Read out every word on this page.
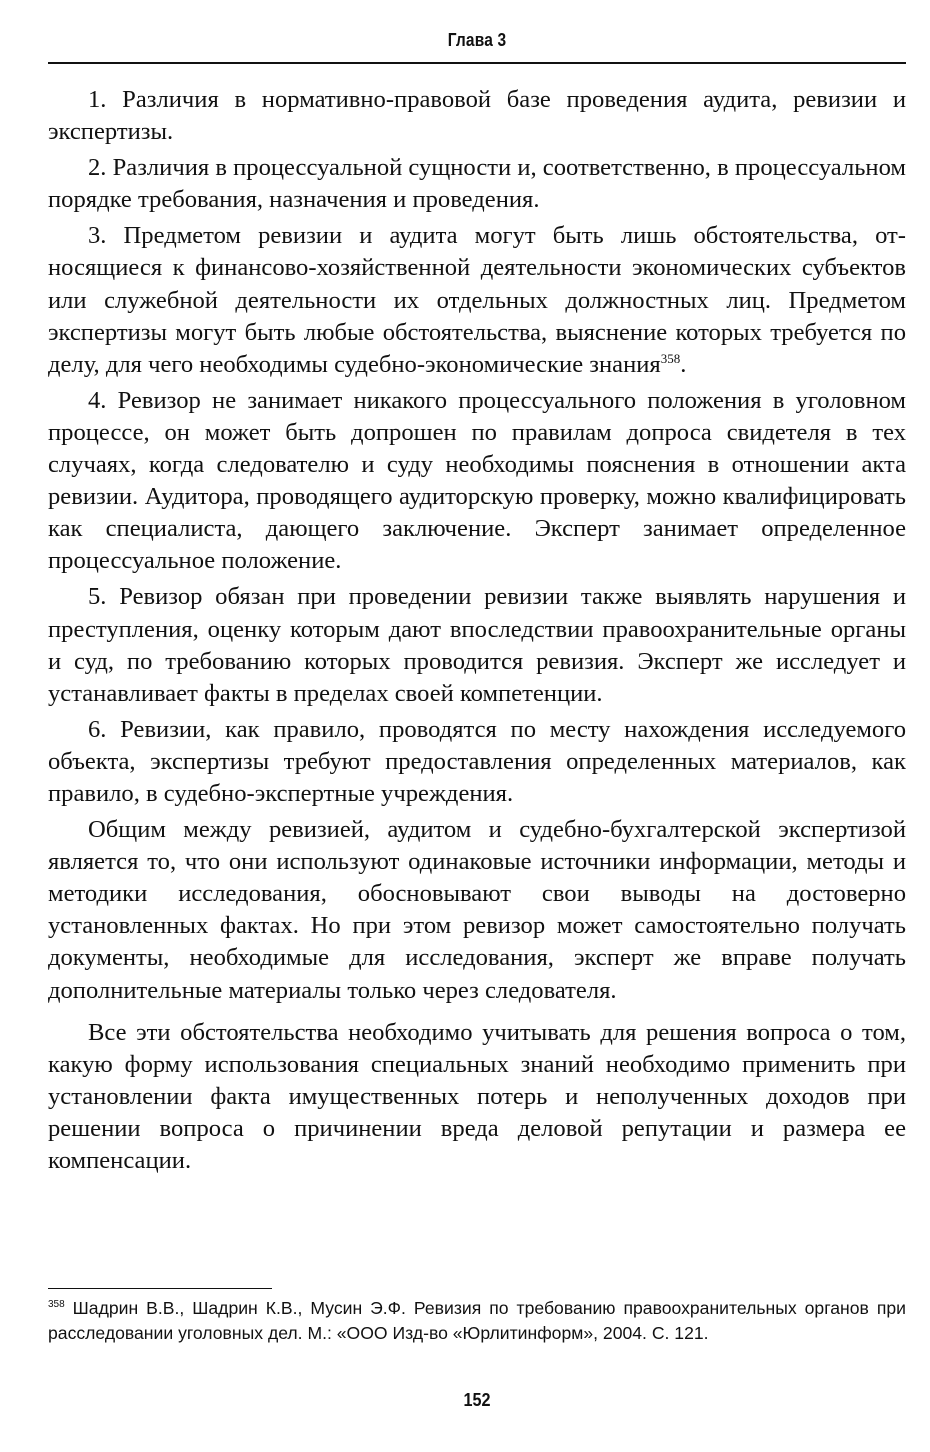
Глава 3

1. Различия в нормативно-правовой базе проведения аудита, ревизии и экспертизы.

2. Различия в процессуальной сущности и, соответственно, в процессуальном порядке требования, назначения и проведения.

3. Предметом ревизии и аудита могут быть лишь обстоятельства, относящиеся к финансово-хозяйственной деятельности экономических субъектов или служебной деятельности их отдельных должностных лиц. Предметом экспертизы могут быть любые обстоятельства, выяснение которых требуется по делу, для чего необходимы судебно-экономические знания$^{358}$.

4. Ревизор не занимает никакого процессуального положения в уголовном процессе, он может быть допрошен по правилам допроса свидетеля в тех случаях, когда следователю и суду необходимы пояснения в отношении акта ревизии. Аудитора, проводящего аудиторскую проверку, можно квалифицировать как специалиста, дающего заключение. Эксперт занимает определенное процессуальное положение.

5. Ревизор обязан при проведении ревизии также выявлять нарушения и преступления, оценку которым дают впоследствии правоохранительные органы и суд, по требованию которых проводится ревизия. Эксперт же исследует и устанавливает факты в пределах своей компетенции.

6. Ревизии, как правило, проводятся по месту нахождения исследуемого объекта, экспертизы требуют предоставления определенных материалов, как правило, в судебно-экспертные учреждения.

Общим между ревизией, аудитом и судебно-бухгалтерской экспертизой является то, что они используют одинаковые источники информации, методы и методики исследования, обосновывают свои выводы на достоверно установленных фактах. Но при этом ревизор может самостоятельно получать документы, необходимые для исследования, эксперт же вправе получать дополнительные материалы только через следователя.

Все эти обстоятельства необходимо учитывать для решения вопроса о том, какую форму использования специальных знаний необходимо применить при установлении факта имущественных потерь и неполученных доходов при решении вопроса о причинении вреда деловой репутации и размера ее компенсации.

$^{358}$ Шадрин В.В., Шадрин К.В., Мусин Э.Ф. Ревизия по требованию правоохранительных органов при расследовании уголовных дел. М.: «ООО Изд-во «Юрлитинформ», 2004. С. 121.
152
